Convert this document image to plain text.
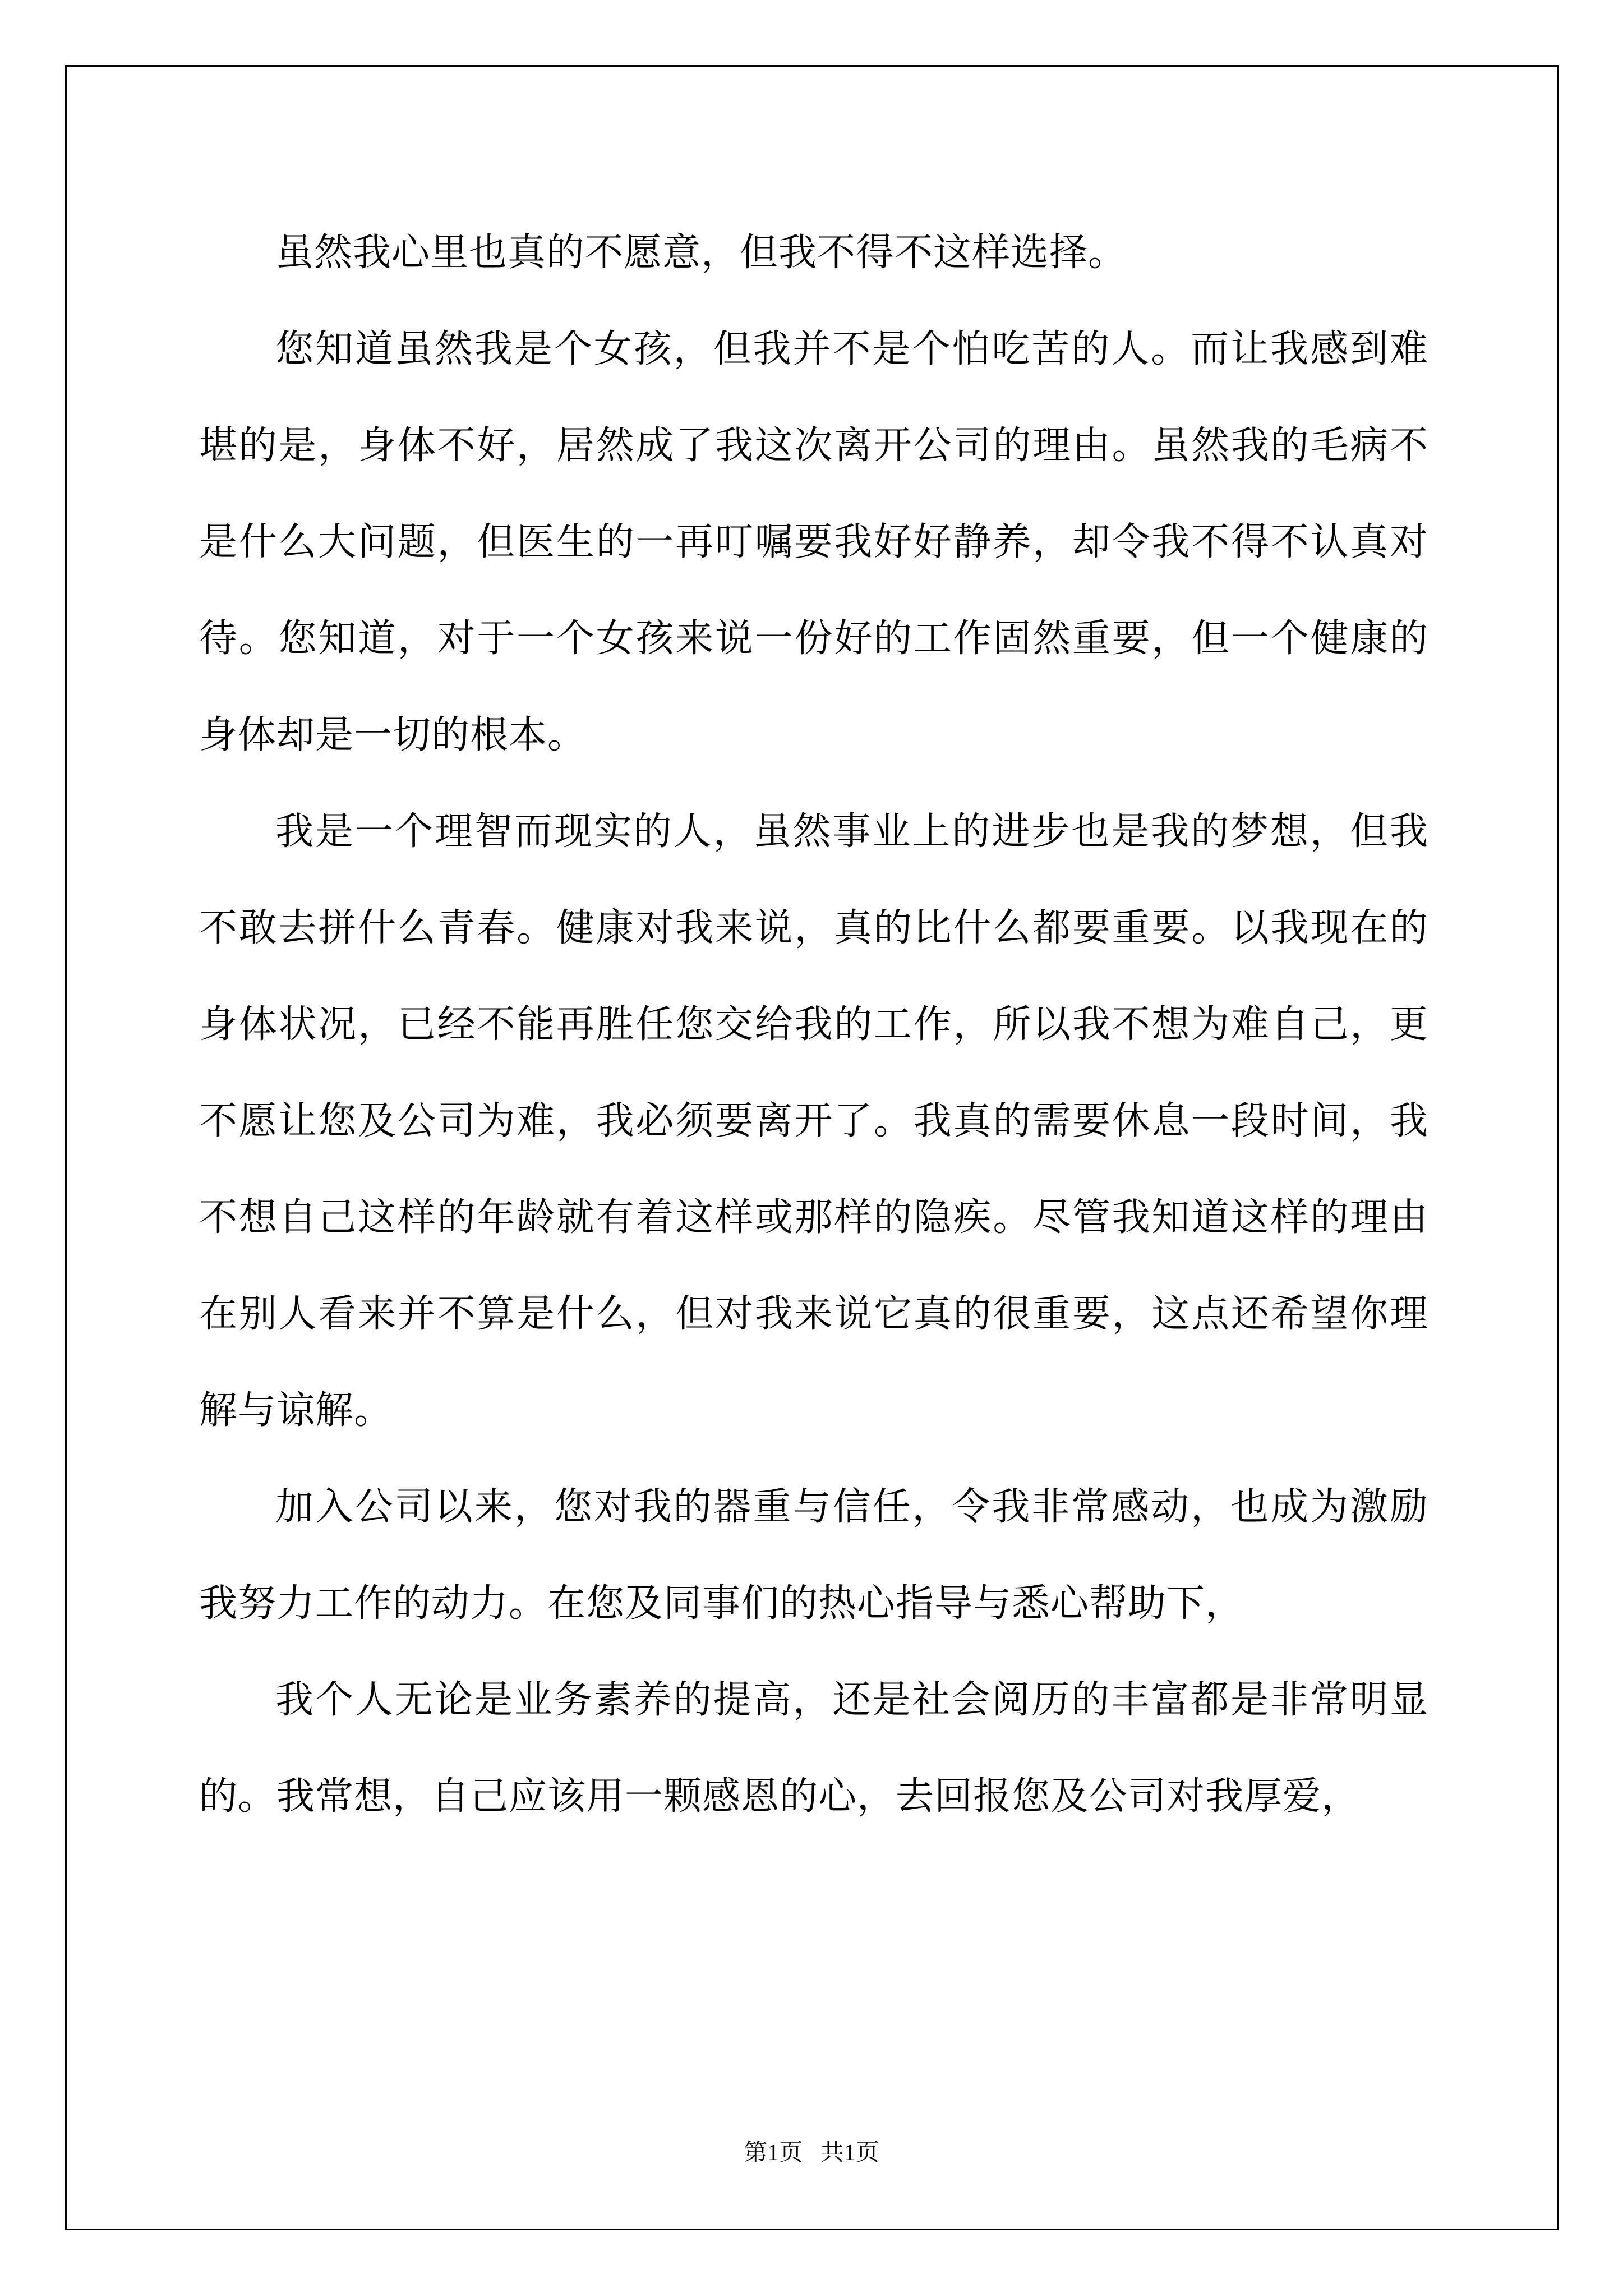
虽然我心里也真的不愿意，但我不得不这样选择。

您知道虽然我是个女孩，但我并不是个怕吃苦的人。而让我感到难堪的是，身体不好，居然成了我这次离开公司的理由。虽然我的毛病不是什么大问题，但医生的一再叮嘱要我好好静养，却令我不得不认真对待。您知道，对于一个女孩来说一份好的工作固然重要，但一个健康的身体却是一切的根本。

我是一个理智而现实的人，虽然事业上的进步也是我的梦想，但我不敢去拼什么青春。健康对我来说，真的比什么都要重要。以我现在的身体状况，已经不能再胜任您交给我的工作，所以我不想为难自己，更不愿让您及公司为难，我必须要离开了。我真的需要休息一段时间，我不想自己这样的年龄就有着这样或那样的隐疾。尽管我知道这样的理由在别人看来并不算是什么，但对我来说它真的很重要，这点还希望你理解与谅解。

加入公司以来，您对我的器重与信任，令我非常感动，也成为激励我努力工作的动力。在您及同事们的热心指导与悉心帮助下，

我个人无论是业务素养的提高，还是社会阅历的丰富都是非常明显的。我常想，自己应该用一颗感恩的心，去回报您及公司对我厚爱，

第1页   共1页
